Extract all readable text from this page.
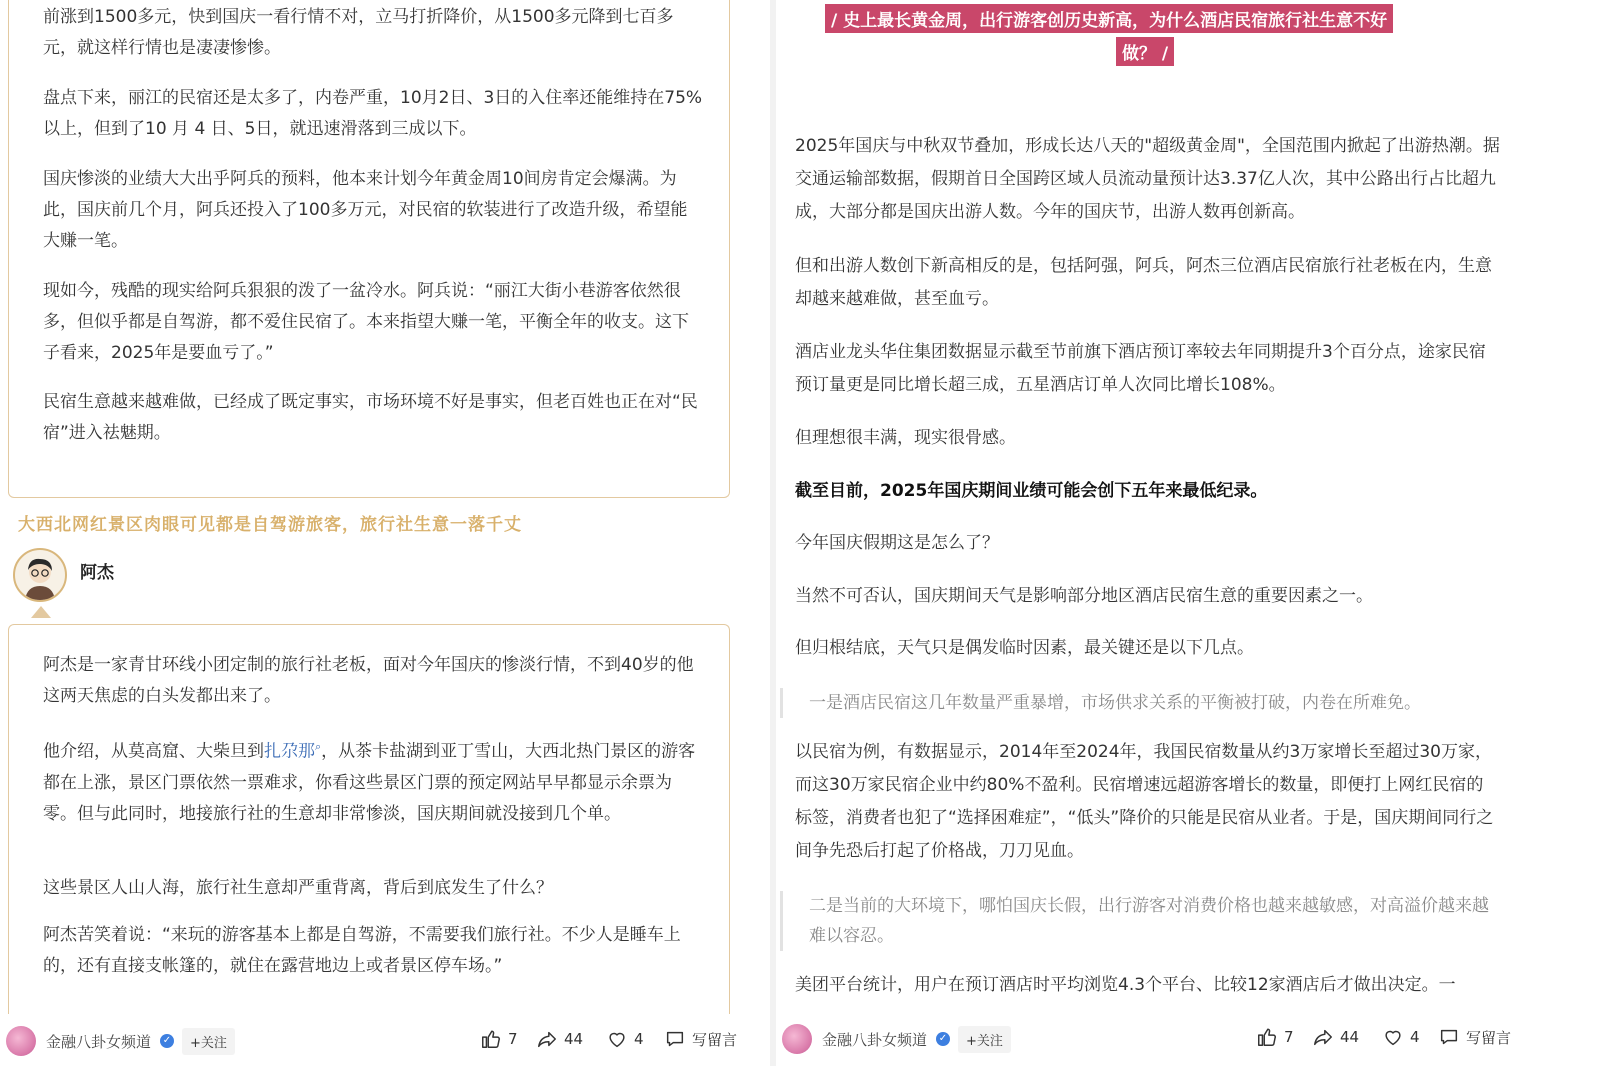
前涨到1500多元，快到国庆一看行情不对，立马打折降价，从1500多元降到七百多元，就这样行情也是凄凄惨惨。

盘点下来，丽江的民宿还是太多了，内卷严重，10月2日、3日的入住率还能维持在75%以上，但到了10 月 4 日、5日，就迅速滑落到三成以下。

国庆惨淡的业绩大大出乎阿兵的预料，他本来计划今年黄金周10间房肯定会爆满。为此，国庆前几个月，阿兵还投入了100多万元，对民宿的软装进行了改造升级，希望能大赚一笔。

现如今，残酷的现实给阿兵狠狠的泼了一盆冷水。阿兵说：“丽江大街小巷游客依然很多，但似乎都是自驾游，都不爱住民宿了。本来指望大赚一笔，平衡全年的收支。这下子看来，2025年是要血亏了。”

民宿生意越来越难做，已经成了既定事实，市场环境不好是事实，但老百姓也正在对“民宿”进入祛魅期。

大西北网红景区肉眼可见都是自驾游旅客，旅行社生意一落千丈
阿杰

阿杰是一家青甘环线小团定制的旅行社老板，面对今年国庆的惨淡行情，不到40岁的他这两天焦虑的白头发都出来了。

他介绍，从莫高窟、大柴旦到扎尕那⌕，从茶卡盐湖到亚丁雪山，大西北热门景区的游客都在上涨，景区门票依然一票难求，你看这些景区门票的预定网站早早都显示余票为零。但与此同时，地接旅行社的生意却非常惨淡，国庆期间就没接到几个单。

这些景区人山人海，旅行社生意却严重背离，背后到底发生了什么？

阿杰苦笑着说：“来玩的游客基本上都是自驾游，不需要我们旅行社。不少人是睡车上的，还有直接支帐篷的，就住在露营地边上或者景区停车场。”

金融八卦女频道 ✓	+关注	7	44	4	写留言
/ 史上最长黄金周，出行游客创历史新高，为什么酒店民宿旅行社生意不好
做？ /

2025年国庆与中秋双节叠加，形成长达八天的"超级黄金周"，全国范围内掀起了出游热潮。据交通运输部数据，假期首日全国跨区域人员流动量预计达3.37亿人次，其中公路出行占比超九成，大部分都是国庆出游人数。今年的国庆节，出游人数再创新高。

但和出游人数创下新高相反的是，包括阿强，阿兵，阿杰三位酒店民宿旅行社老板在内，生意却越来越难做，甚至血亏。

酒店业龙头华住集团数据显示截至节前旗下酒店预订率较去年同期提升3个百分点，途家民宿预订量更是同比增长超三成，五星酒店订单人次同比增长108%。

但理想很丰满，现实很骨感。

截至目前，2025年国庆期间业绩可能会创下五年来最低纪录。

今年国庆假期这是怎么了？

当然不可否认，国庆期间天气是影响部分地区酒店民宿生意的重要因素之一。

但归根结底，天气只是偶发临时因素，最关键还是以下几点。

一是酒店民宿这几年数量严重暴增，市场供求关系的平衡被打破，内卷在所难免。

以民宿为例，有数据显示，2014年至2024年，我国民宿数量从约3万家增长至超过30万家，而这30万家民宿企业中约80%不盈利。民宿增速远超游客增长的数量，即便打上网红民宿的标签，消费者也犯了“选择困难症”，“低头”降价的只能是民宿从业者。于是，国庆期间同行之间争先恐后打起了价格战，刀刀见血。

二是当前的大环境下，哪怕国庆长假，出行游客对消费价格也越来越敏感，对高溢价越来越难以容忍。

美团平台统计，用户在预订酒店时平均浏览4.3个平台、比较12家酒店后才做出决定。一

金融八卦女频道 ✓	+关注	7	44	4	写留言
